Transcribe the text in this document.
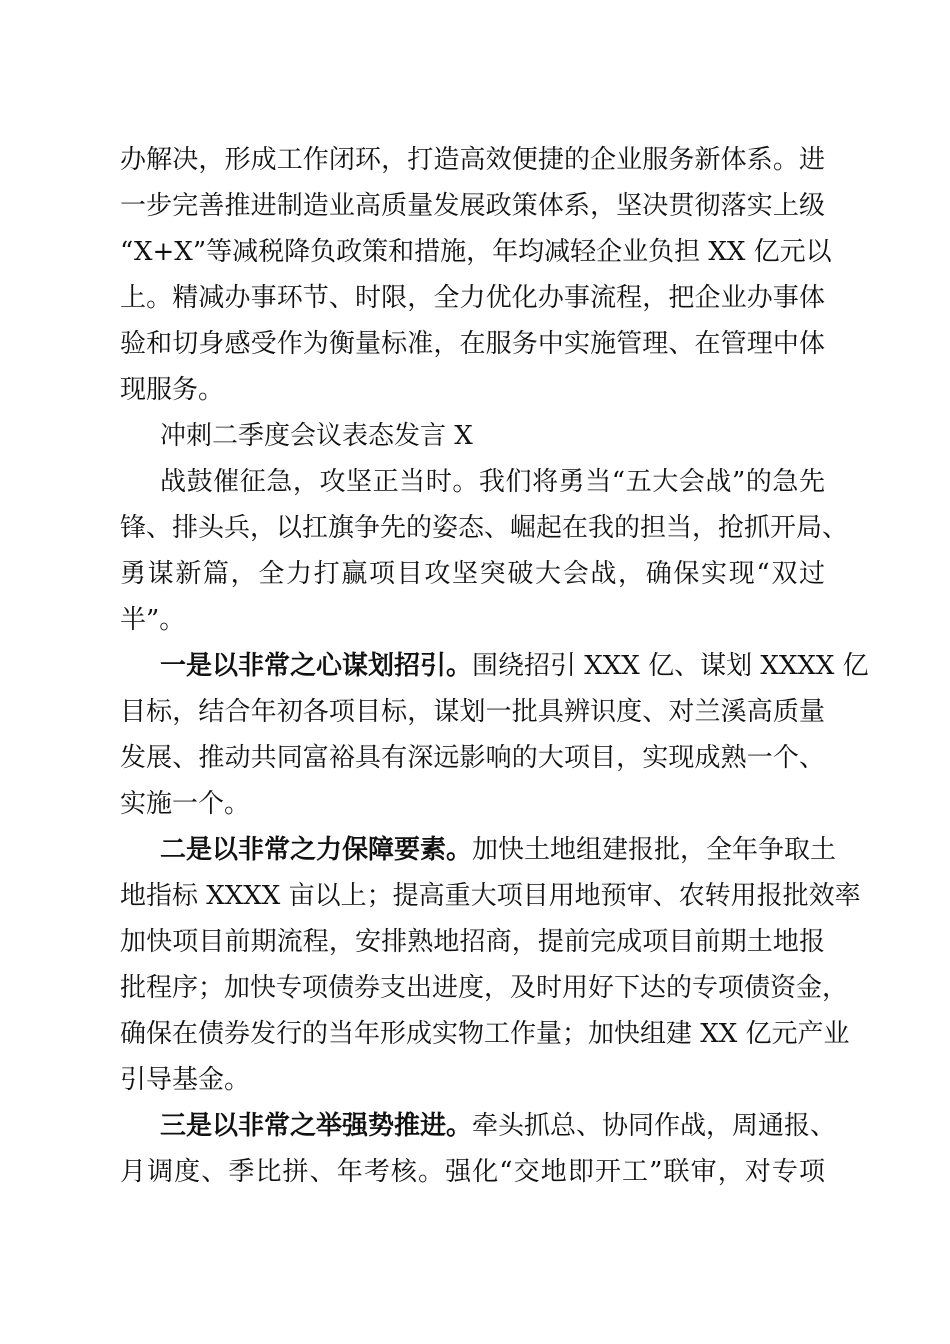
办解决，形成工作闭环，打造高效便捷的企业服务新体系。进
一步完善推进制造业高质量发展政策体系，坚决贯彻落实上级
“X+X”等减税降负政策和措施，年均减轻企业负担 XX 亿元以
上。精减办事环节、时限，全力优化办事流程，把企业办事体
验和切身感受作为衡量标准，在服务中实施管理、在管理中体
现服务。
冲刺二季度会议表态发言 X
战鼓催征急，攻坚正当时。我们将勇当“五大会战”的急先
锋、排头兵，以扛旗争先的姿态、崛起在我的担当，抢抓开局、
勇谋新篇，全力打赢项目攻坚突破大会战，确保实现“双过
半”。
一是以非常之心谋划招引。围绕招引 XXX 亿、谋划 XXXX 亿
目标，结合年初各项目标，谋划一批具辨识度、对兰溪高质量
发展、推动共同富裕具有深远影响的大项目，实现成熟一个、
实施一个。
二是以非常之力保障要素。加快土地组建报批，全年争取土
地指标 XXXX 亩以上；提高重大项目用地预审、农转用报批效率
加快项目前期流程，安排熟地招商，提前完成项目前期土地报
批程序；加快专项债券支出进度，及时用好下达的专项债资金，
确保在债券发行的当年形成实物工作量；加快组建 XX 亿元产业
引导基金。
三是以非常之举强势推进。牵头抓总、协同作战，周通报、
月调度、季比拼、年考核。强化“交地即开工”联审，对专项
